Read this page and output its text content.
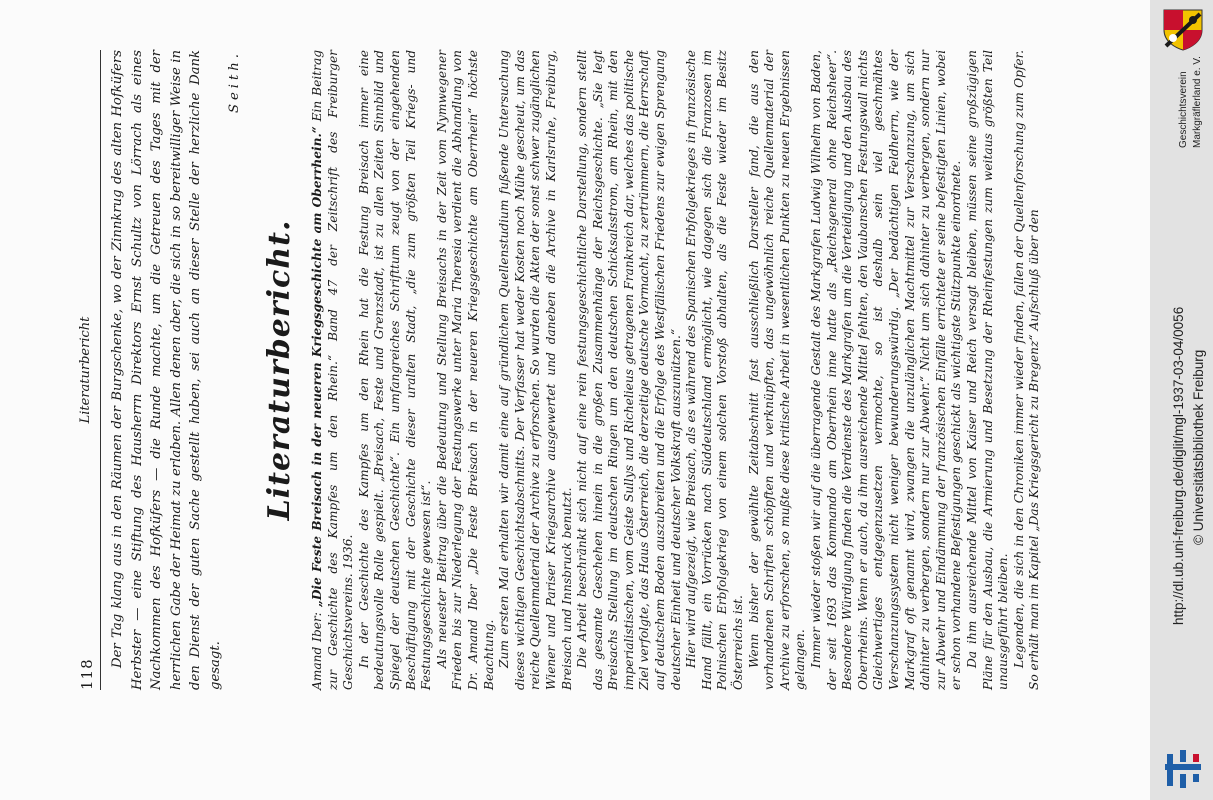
118
Literaturbericht Der Tag klang aus in den Räumen der Burgschenke, wo der Zinnkrug des alten Hofküfers Herbster — eine Stiftung des Hausherrn Direktors Ernst Schultz von Lörrach als eines Nachkommen des Hofküfers — die Runde machte, um die Getreuen des Tages mit der herrlichen Gabe der Heimat zu erlaben. Allen denen aber, die sich in so bereitwilliger Weise in den Dienst der guten Sache gestellt haben, sei auch an dieser Stelle der herzliche Dank gesagt.

Seith.
Literaturbericht.

Amand Iber: „Die Feste Breisach in der neueren Kriegsgeschichte am Oberrhein.“ Ein Beitrag zur Geschichte des Kampfes um den Rhein.“ Band 47 der Zeitschrift des Freiburger Geschichtsvereins. 1936. In der Geschichte des Kampfes um den Rhein hat die Festung Breisach immer eine bedeutungsvolle Rolle gespielt. „Breisach, Feste und Grenzstadt, ist zu allen Zeiten Sinnbild und Spiegel der deutschen Geschichte“. Ein umfangreiches Schrifttum zeugt von der eingehenden Beschäftigung mit der Geschichte dieser uralten Stadt, „die zum größten Teil Kriegs- und Festungsgeschichte gewesen ist“. Als neuester Beitrag über die Bedeutung und Stellung Breisachs in der Zeit vom Nymwegener Frieden bis zur Niederlegung der Festungswerke unter Maria Theresia verdient die Abhandlung von Dr. Amand Iber „Die Feste Breisach in der neueren Kriegsgeschichte am Oberrhein“ höchste Beachtung. Zum ersten Mal erhalten wir damit eine auf gründlichem Quellenstudium fußende Untersuchung dieses wichtigen Geschichtsabschnitts. Der Verfasser hat weder Kosten noch Mühe gescheut, um das reiche Quellenmaterial der Archive zu erforschen. So wurden die Akten der sonst schwer zugänglichen Wiener und Pariser Kriegsarchive ausgewertet und daneben die Archive in Karlsruhe, Freiburg, Breisach und Innsbruck benutzt. Die Arbeit beschränkt sich nicht auf eine rein festungsgeschichtliche Darstellung, sondern stellt das gesamte Geschehen hinein in die großen Zusammenhänge der Reichsgeschichte. „Sie legt Breisachs Stellung im deutschen Ringen um den deutschen Schicksalsstrom, am Rhein, mit den imperialistischen, vom Geiste Sullys und Richelieus getragenen Frankreich dar, welches das politische Ziel verfolgte, das Haus Österreich, die derzeitige deutsche Vormacht, zu zertrümmern, die Herrschaft auf deutschem Boden auszubreiten und die Erfolge des Westfälischen Friedens zur ewigen Sprengung deutscher Einheit und deutscher Volkskraft auszunützen.“ Hier wird aufgezeigt, wie Breisach, als es während des Spanischen Erbfolgekrieges in französische Hand fällt, ein Vorrücken nach Süddeutschland ermöglicht, wie dagegen sich die Franzosen im Polnischen Erbfolgekrieg von einem solchen Vorstoß abhalten, als die Feste wieder im Besitz Österreichs ist. Wenn bisher der gewählte Zeitabschnitt fast ausschließlich Darsteller fand, die aus den vorhandenen Schriften schöpften und verknüpften, das ungewöhnlich reiche Quellenmaterial der Archive zu erforschen, so mußte diese kritische Arbeit in wesentlichen Punkten zu neuen Ergebnissen gelangen. Immer wieder stoßen wir auf die überragende Gestalt des Markgrafen Ludwig Wilhelm von Baden, der seit 1693 das Kommando am Oberrhein inne hatte als „Reichsgeneral ohne Reichsheer“. Besondere Würdigung finden die Verdienste des Markgrafen um die Verteidigung und den Ausbau des Oberrheins. Wenn er auch, da ihm ausreichende Mittel fehlten, den Vaubanschen Festungswall nichts Gleichwertiges entgegenzusetzen vermochte, so ist deshalb sein viel geschmähtes Verschanzungssystem nicht weniger bewunderungswürdig. „Der bedächtigen Feldherrn, wie der Markgraf oft genannt wird, zwangen die unzulänglichen Machtmittel zur Verschanzung, um sich dahinter zu verbergen, sondern nur zur Abwehr.“ Nicht um sich dahinter zu verbergen, sondern nur zur Abwehr und Eindämmung der französischen Einfälle errichtete er seine befestigten Linien, wobei er schon vorhandene Befestigungen geschickt als wichtigste Stützpunkte einordnete. Da ihm ausreichende Mittel von Kaiser und Reich versagt bleiben, müssen seine großzügigen Pläne für den Ausbau, die Armierung und Besetzung der Rheinfestungen zum weitaus größten Teil unausgeführt bleiben. Legenden, die sich in den Chroniken immer wieder finden, fallen der Quellenforschung zum Opfer. So erhält man im Kapitel „Das Kriegsgericht zu Bregenz“ Aufschluß über den

Geschichtsverein Markgräflerland e. V.
http://dl.ub.uni-freiburg.de/diglit/mgl-1937-03-04/0056 © Universitätsbibliothek Freiburg
